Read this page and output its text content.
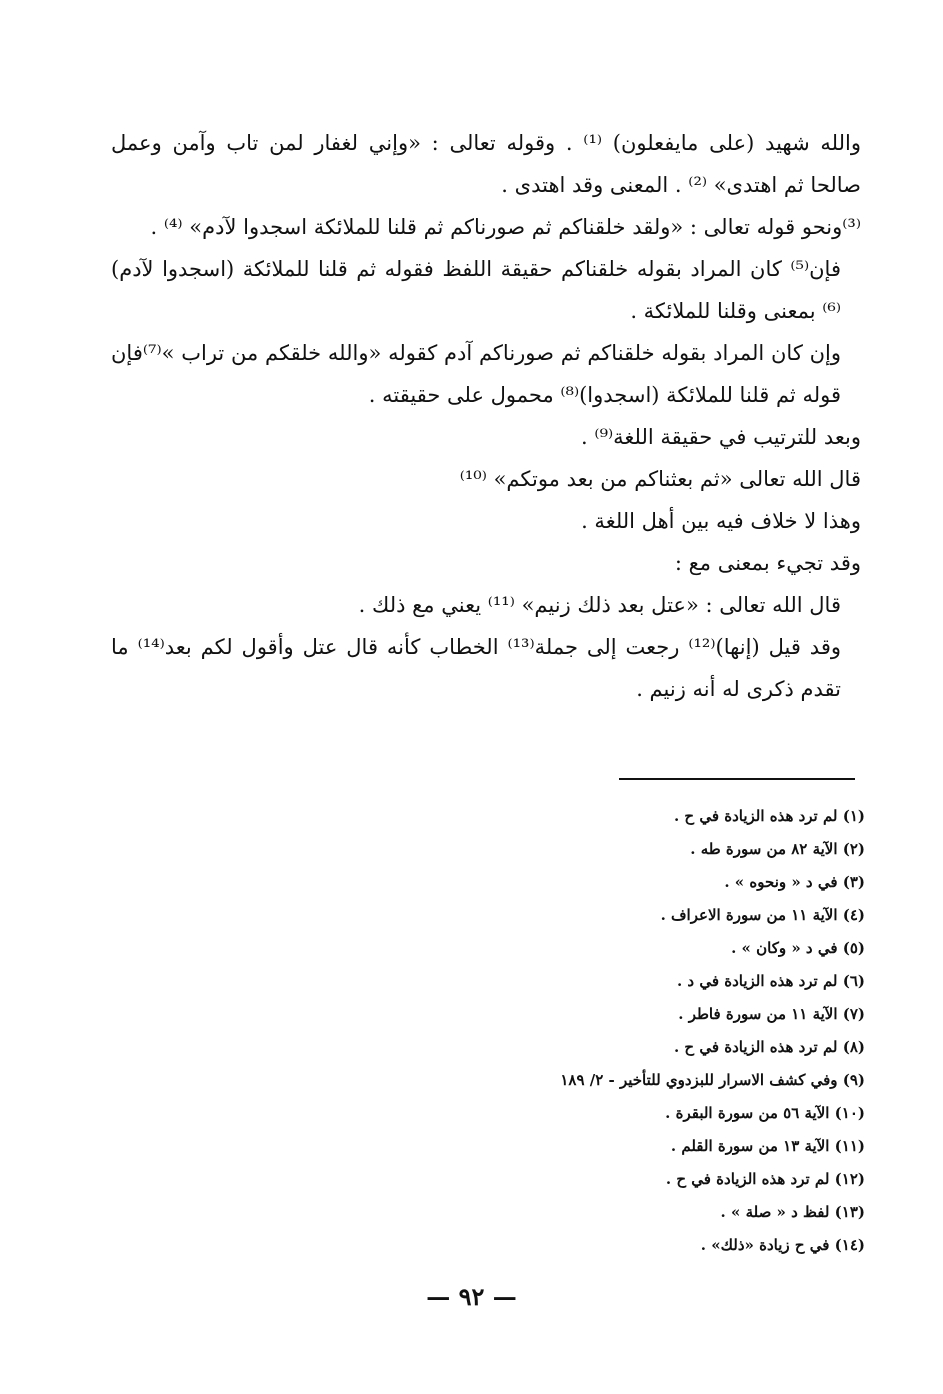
والله شهيد (على مايفعلون) ⁽¹⁾ . وقوله تعالى : «وإني لغفار لمن تاب وآمن وعمل صالحا ثم اهتدى» ⁽²⁾ . المعنى وقد اهتدى .

⁽³⁾ونحو قوله تعالى : «ولقد خلقناكم ثم صورناكم ثم قلنا للملائكة اسجدوا لآدم» ⁽⁴⁾ .

فإن⁽⁵⁾ كان المراد بقوله خلقناكم حقيقة اللفظ فقوله ثم قلنا للملائكة (اسجدوا لآدم) ⁽⁶⁾ بمعنى وقلنا للملائكة .

وإن كان المراد بقوله خلقناكم ثم صورناكم آدم كقوله «والله خلقكم من تراب »⁽⁷⁾فإن قوله ثم قلنا للملائكة (اسجدوا)⁽⁸⁾ محمول على حقيقته .

وبعد للترتيب في حقيقة اللغة⁽⁹⁾ .

قال الله تعالى «ثم بعثناكم من بعد موتكم» ⁽¹⁰⁾

وهذا لا خلاف فيه بين أهل اللغة .

وقد تجيء بمعنى مع :

قال الله تعالى : «عتل بعد ذلك زنيم» ⁽¹¹⁾ يعني مع ذلك .

وقد قيل (إنها)⁽¹²⁾ رجعت إلى جملة⁽¹³⁾ الخطاب كأنه قال عتل وأقول لكم بعد⁽¹⁴⁾ ما تقدم ذكرى له أنه زنيم .

(١) لم ترد هذه الزيادة في ح .
(٢) الآية ٨٢ من سورة طه .
(٣) في د « ونحوه » .
(٤) الآية ١١ من سورة الاعراف .
(٥) في د « وكان » .
(٦) لم ترد هذه الزيادة في د .
(٧) الآية ١١ من سورة فاطر .
(٨) لم ترد هذه الزيادة في ح .
(٩) وفي كشف الاسرار للبزدوي للتأخير - ٢/ ١٨٩
(١٠) الآية ٥٦ من سورة البقرة .
(١١) الآية ١٣ من سورة القلم .
(١٢) لم ترد هذه الزيادة في ح .
(١٣) لفظ د « صلة » .
(١٤) في ح زيادة «ذلك» .
— ٩٢ —
